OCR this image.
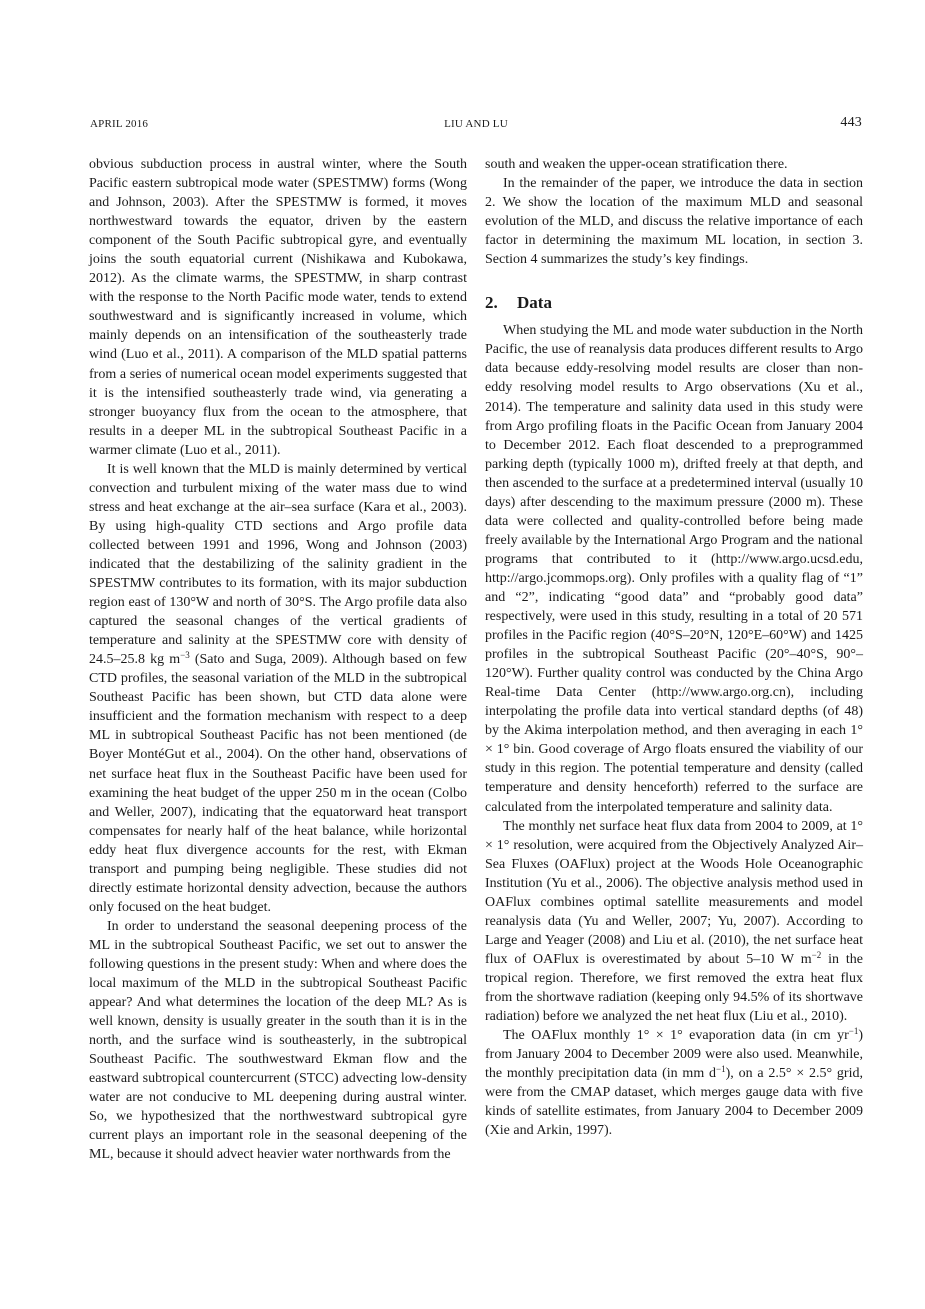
APRIL 2016	LIU AND LU	443

obvious subduction process in austral winter, where the South Pacific eastern subtropical mode water (SPESTMW) forms (Wong and Johnson, 2003). After the SPESTMW is formed, it moves northwestward towards the equator, driven by the eastern component of the South Pacific subtropical gyre, and eventually joins the south equatorial current (Nishikawa and Kubokawa, 2012). As the climate warms, the SPESTMW, in sharp contrast with the response to the North Pacific mode water, tends to extend southwestward and is significantly increased in volume, which mainly depends on an intensification of the southeasterly trade wind (Luo et al., 2011). A comparison of the MLD spatial patterns from a series of numerical ocean model experiments suggested that it is the intensified southeasterly trade wind, via generating a stronger buoyancy flux from the ocean to the atmosphere, that results in a deeper ML in the subtropical Southeast Pacific in a warmer climate (Luo et al., 2011).

It is well known that the MLD is mainly determined by vertical convection and turbulent mixing of the water mass due to wind stress and heat exchange at the air–sea surface (Kara et al., 2003). By using high-quality CTD sections and Argo profile data collected between 1991 and 1996, Wong and Johnson (2003) indicated that the destabilizing of the salinity gradient in the SPESTMW contributes to its formation, with its major subduction region east of 130°W and north of 30°S. The Argo profile data also captured the seasonal changes of the vertical gradients of temperature and salinity at the SPESTMW core with density of 24.5–25.8 kg $m^{-3}$ (Sato and Suga, 2009). Although based on few CTD profiles, the seasonal variation of the MLD in the subtropical Southeast Pacific has been shown, but CTD data alone were insufficient and the formation mechanism with respect to a deep ML in subtropical Southeast Pacific has not been mentioned (de Boyer MontéGut et al., 2004). On the other hand, observations of net surface heat flux in the Southeast Pacific have been used for examining the heat budget of the upper 250 m in the ocean (Colbo and Weller, 2007), indicating that the equatorward heat transport compensates for nearly half of the heat balance, while horizontal eddy heat flux divergence accounts for the rest, with Ekman transport and pumping being negligible. These studies did not directly estimate horizontal density advection, because the authors only focused on the heat budget.

In order to understand the seasonal deepening process of the ML in the subtropical Southeast Pacific, we set out to answer the following questions in the present study: When and where does the local maximum of the MLD in the subtropical Southeast Pacific appear? And what determines the location of the deep ML? As is well known, density is usually greater in the south than it is in the north, and the surface wind is southeasterly, in the subtropical Southeast Pacific. The southwestward Ekman flow and the eastward subtropical countercurrent (STCC) advecting low-density water are not conducive to ML deepening during austral winter. So, we hypothesized that the northwestward subtropical gyre current plays an important role in the seasonal deepening of the ML, because it should advect heavier water northwards from the

south and weaken the upper-ocean stratification there.

In the remainder of the paper, we introduce the data in section 2. We show the location of the maximum MLD and seasonal evolution of the MLD, and discuss the relative importance of each factor in determining the maximum ML location, in section 3. Section 4 summarizes the study’s key findings.

2. Data

When studying the ML and mode water subduction in the North Pacific, the use of reanalysis data produces different results to Argo data because eddy-resolving model results are closer than non-eddy resolving model results to Argo observations (Xu et al., 2014). The temperature and salinity data used in this study were from Argo profiling floats in the Pacific Ocean from January 2004 to December 2012. Each float descended to a preprogrammed parking depth (typically 1000 m), drifted freely at that depth, and then ascended to the surface at a predetermined interval (usually 10 days) after descending to the maximum pressure (2000 m). These data were collected and quality-controlled before being made freely available by the International Argo Program and the national programs that contributed to it (http://www.argo.ucsd.edu, http://argo.jcommops.org). Only profiles with a quality flag of “1” and “2”, indicating “good data” and “probably good data” respectively, were used in this study, resulting in a total of 20 571 profiles in the Pacific region (40°S–20°N, 120°E–60°W) and 1425 profiles in the subtropical Southeast Pacific (20°–40°S, 90°–120°W). Further quality control was conducted by the China Argo Real-time Data Center (http://www.argo.org.cn), including interpolating the profile data into vertical standard depths (of 48) by the Akima interpolation method, and then averaging in each 1° × 1° bin. Good coverage of Argo floats ensured the viability of our study in this region. The potential temperature and density (called temperature and density henceforth) referred to the surface are calculated from the interpolated temperature and salinity data.

The monthly net surface heat flux data from 2004 to 2009, at 1° × 1° resolution, were acquired from the Objectively Analyzed Air–Sea Fluxes (OAFlux) project at the Woods Hole Oceanographic Institution (Yu et al., 2006). The objective analysis method used in OAFlux combines optimal satellite measurements and model reanalysis data (Yu and Weller, 2007; Yu, 2007). According to Large and Yeager (2008) and Liu et al. (2010), the net surface heat flux of OAFlux is overestimated by about 5–10 W $m^{-2}$ in the tropical region. Therefore, we first removed the extra heat flux from the shortwave radiation (keeping only 94.5% of its shortwave radiation) before we analyzed the net heat flux (Liu et al., 2010).

The OAFlux monthly 1° × 1° evaporation data (in cm $yr^{-1}$) from January 2004 to December 2009 were also used. Meanwhile, the monthly precipitation data (in mm $d^{-1}$), on a 2.5° × 2.5° grid, were from the CMAP dataset, which merges gauge data with five kinds of satellite estimates, from January 2004 to December 2009 (Xie and Arkin, 1997).
